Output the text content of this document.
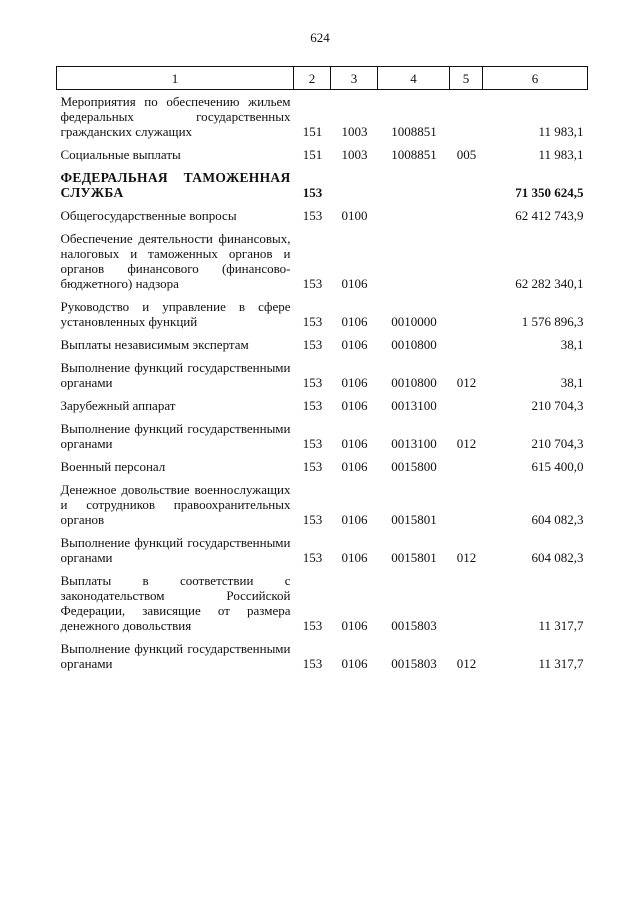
624
1	2	3	4	5	6
Мероприятия по обеспечению жильем федеральных государственных гражданских служащих	151	1003	1008851		11 983,1
Социальные выплаты	151	1003	1008851	005	11 983,1
ФЕДЕРАЛЬНАЯ ТАМОЖЕННАЯ СЛУЖБА	153				71 350 624,5
Общегосударственные вопросы	153	0100			62 412 743,9
Обеспечение деятельности финансовых, налоговых и таможенных органов и органов финансового (финансово-бюджетного) надзора	153	0106			62 282 340,1
Руководство и управление в сфере установленных функций	153	0106	0010000		1 576 896,3
Выплаты независимым экспертам	153	0106	0010800		38,1
Выполнение функций государственными органами	153	0106	0010800	012	38,1
Зарубежный аппарат	153	0106	0013100		210 704,3
Выполнение функций государственными органами	153	0106	0013100	012	210 704,3
Военный персонал	153	0106	0015800		615 400,0
Денежное довольствие военнослужащих и сотрудников правоохранительных органов	153	0106	0015801		604 082,3
Выполнение функций государственными органами	153	0106	0015801	012	604 082,3
Выплаты в соответствии с законодательством Российской Федерации, зависящие от размера денежного довольствия	153	0106	0015803		11 317,7
Выполнение функций государственными органами	153	0106	0015803	012	11 317,7
